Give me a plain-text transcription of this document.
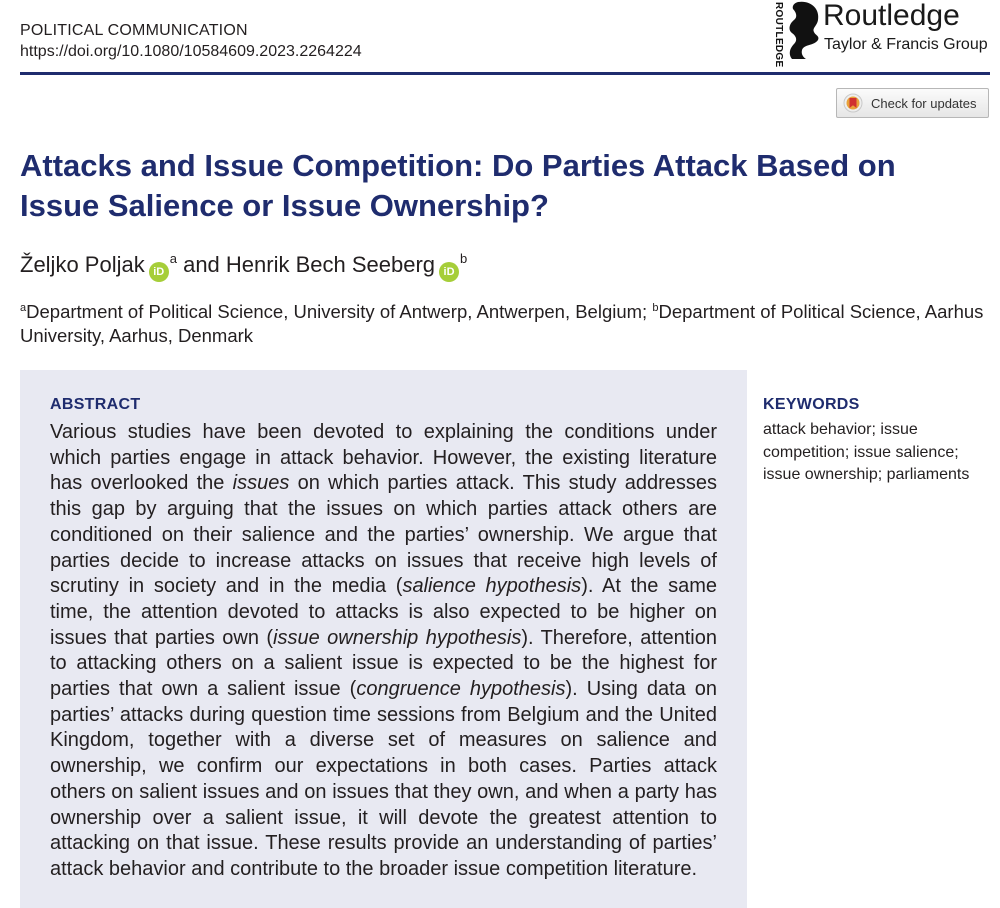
POLITICAL COMMUNICATION
https://doi.org/10.1080/10584609.2023.2264224	ROUTLEDGE Routledge
Taylor & Francis Group
Check for updates
Attacks and Issue Competition: Do Parties Attack Based on Issue Salience or Issue Ownership?
Željko Poljak $iD^a$ and Henrik Bech Seeberg $iD^b$
$^a$Department of Political Science, University of Antwerp, Antwerpen, Belgium; $^b$Department of Political Science, Aarhus University, Aarhus, Denmark
ABSTRACT
Various studies have been devoted to explaining the conditions under which parties engage in attack behavior. However, the existing literature has overlooked the issues on which parties attack. This study addresses this gap by arguing that the issues on which parties attack others are conditioned on their salience and the parties’ ownership. We argue that parties decide to increase attacks on issues that receive high levels of scrutiny in society and in the media (salience hypothesis). At the same time, the attention devoted to attacks is also expected to be higher on issues that parties own (issue ownership hypothesis). Therefore, attention to attacking others on a salient issue is expected to be the highest for parties that own a salient issue (congruence hypothesis). Using data on parties’ attacks during question time sessions from Belgium and the United Kingdom, together with a diverse set of measures on salience and ownership, we confirm our expectations in both cases. Parties attack others on salient issues and on issues that they own, and when a party has ownership over a salient issue, it will devote the greatest attention to attacking on that issue. These results provide an understanding of parties’ attack behavior and contribute to the broader issue competition literature.
KEYWORDS
attack behavior; issue competition; issue salience; issue ownership; parliaments
